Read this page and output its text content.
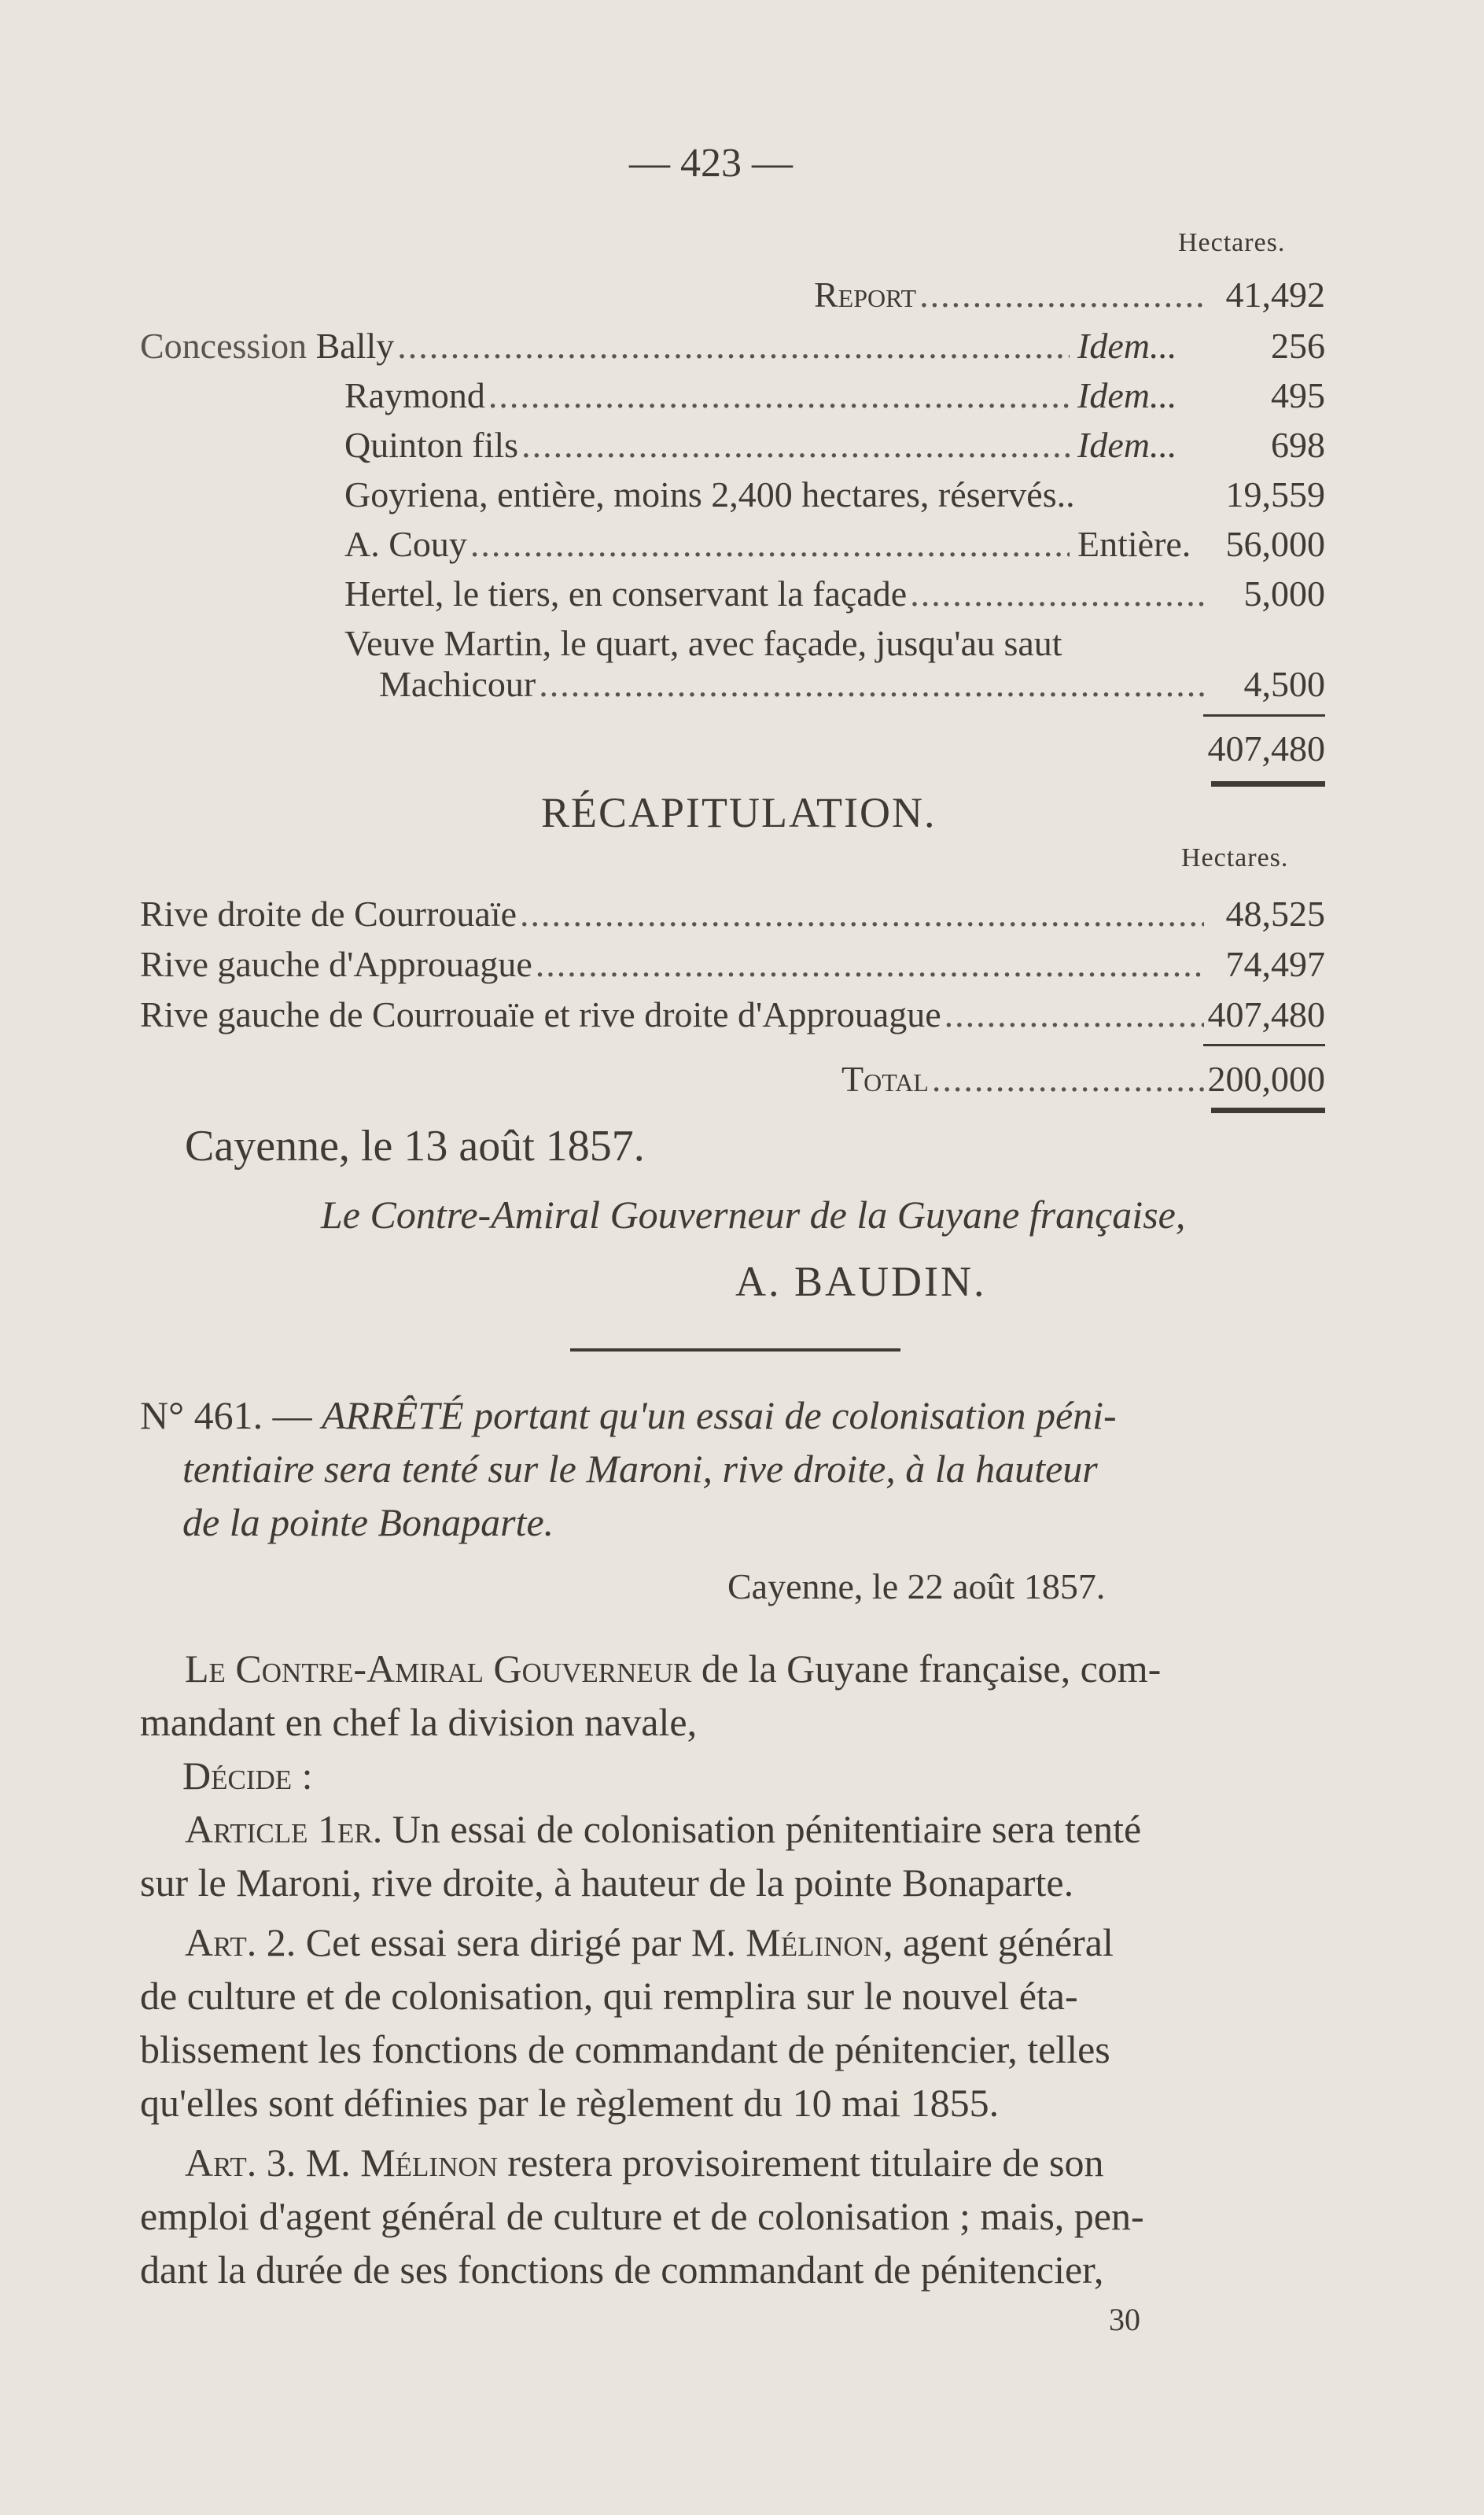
— 423 —
Hectares.
Report .....	41,492
Concession Bally .....	Idem...	256
Raymond .....	Idem...	495
Quinton fils .....	Idem...	698
Goyriena, entière, moins 2,400 hectares, réservés..	19,559
A. Couy .....	Entière. 56,000
Hertel, le tiers, en conservant la façade .....	5,000
Veuve Martin, le quart, avec façade, jusqu'au saut
Machicour .....	4,500
407,480
RÉCAPITULATION.
Hectares.
Rive droite de Courrouaïe .....	48,525
Rive gauche d'Approuague .....	74,497
Rive gauche de Courrouaïe et rive droite d'Approuague .....	407,480
Total .....	200,000
Cayenne, le 13 août 1857.
Le Contre-Amiral Gouverneur de la Guyane française,
A. BAUDIN.
N° 461. — ARRÊTÉ portant qu'un essai de colonisation péni-
tentiaire sera tenté sur le Maroni, rive droite, à la hauteur
de la pointe Bonaparte.
Cayenne, le 22 août 1857.
Le Contre-Amiral Gouverneur de la Guyane française, com-
mandant en chef la division navale,
Décide :
Article 1er. Un essai de colonisation pénitentiaire sera tenté
sur le Maroni, rive droite, à hauteur de la pointe Bonaparte.
Art. 2. Cet essai sera dirigé par M. Mélinon, agent général
de culture et de colonisation, qui remplira sur le nouvel éta-
blissement les fonctions de commandant de pénitencier, telles
qu'elles sont définies par le règlement du 10 mai 1855.
Art. 3. M. Mélinon restera provisoirement titulaire de son
emploi d'agent général de culture et de colonisation ; mais, pen-
dant la durée de ses fonctions de commandant de pénitencier,
30
